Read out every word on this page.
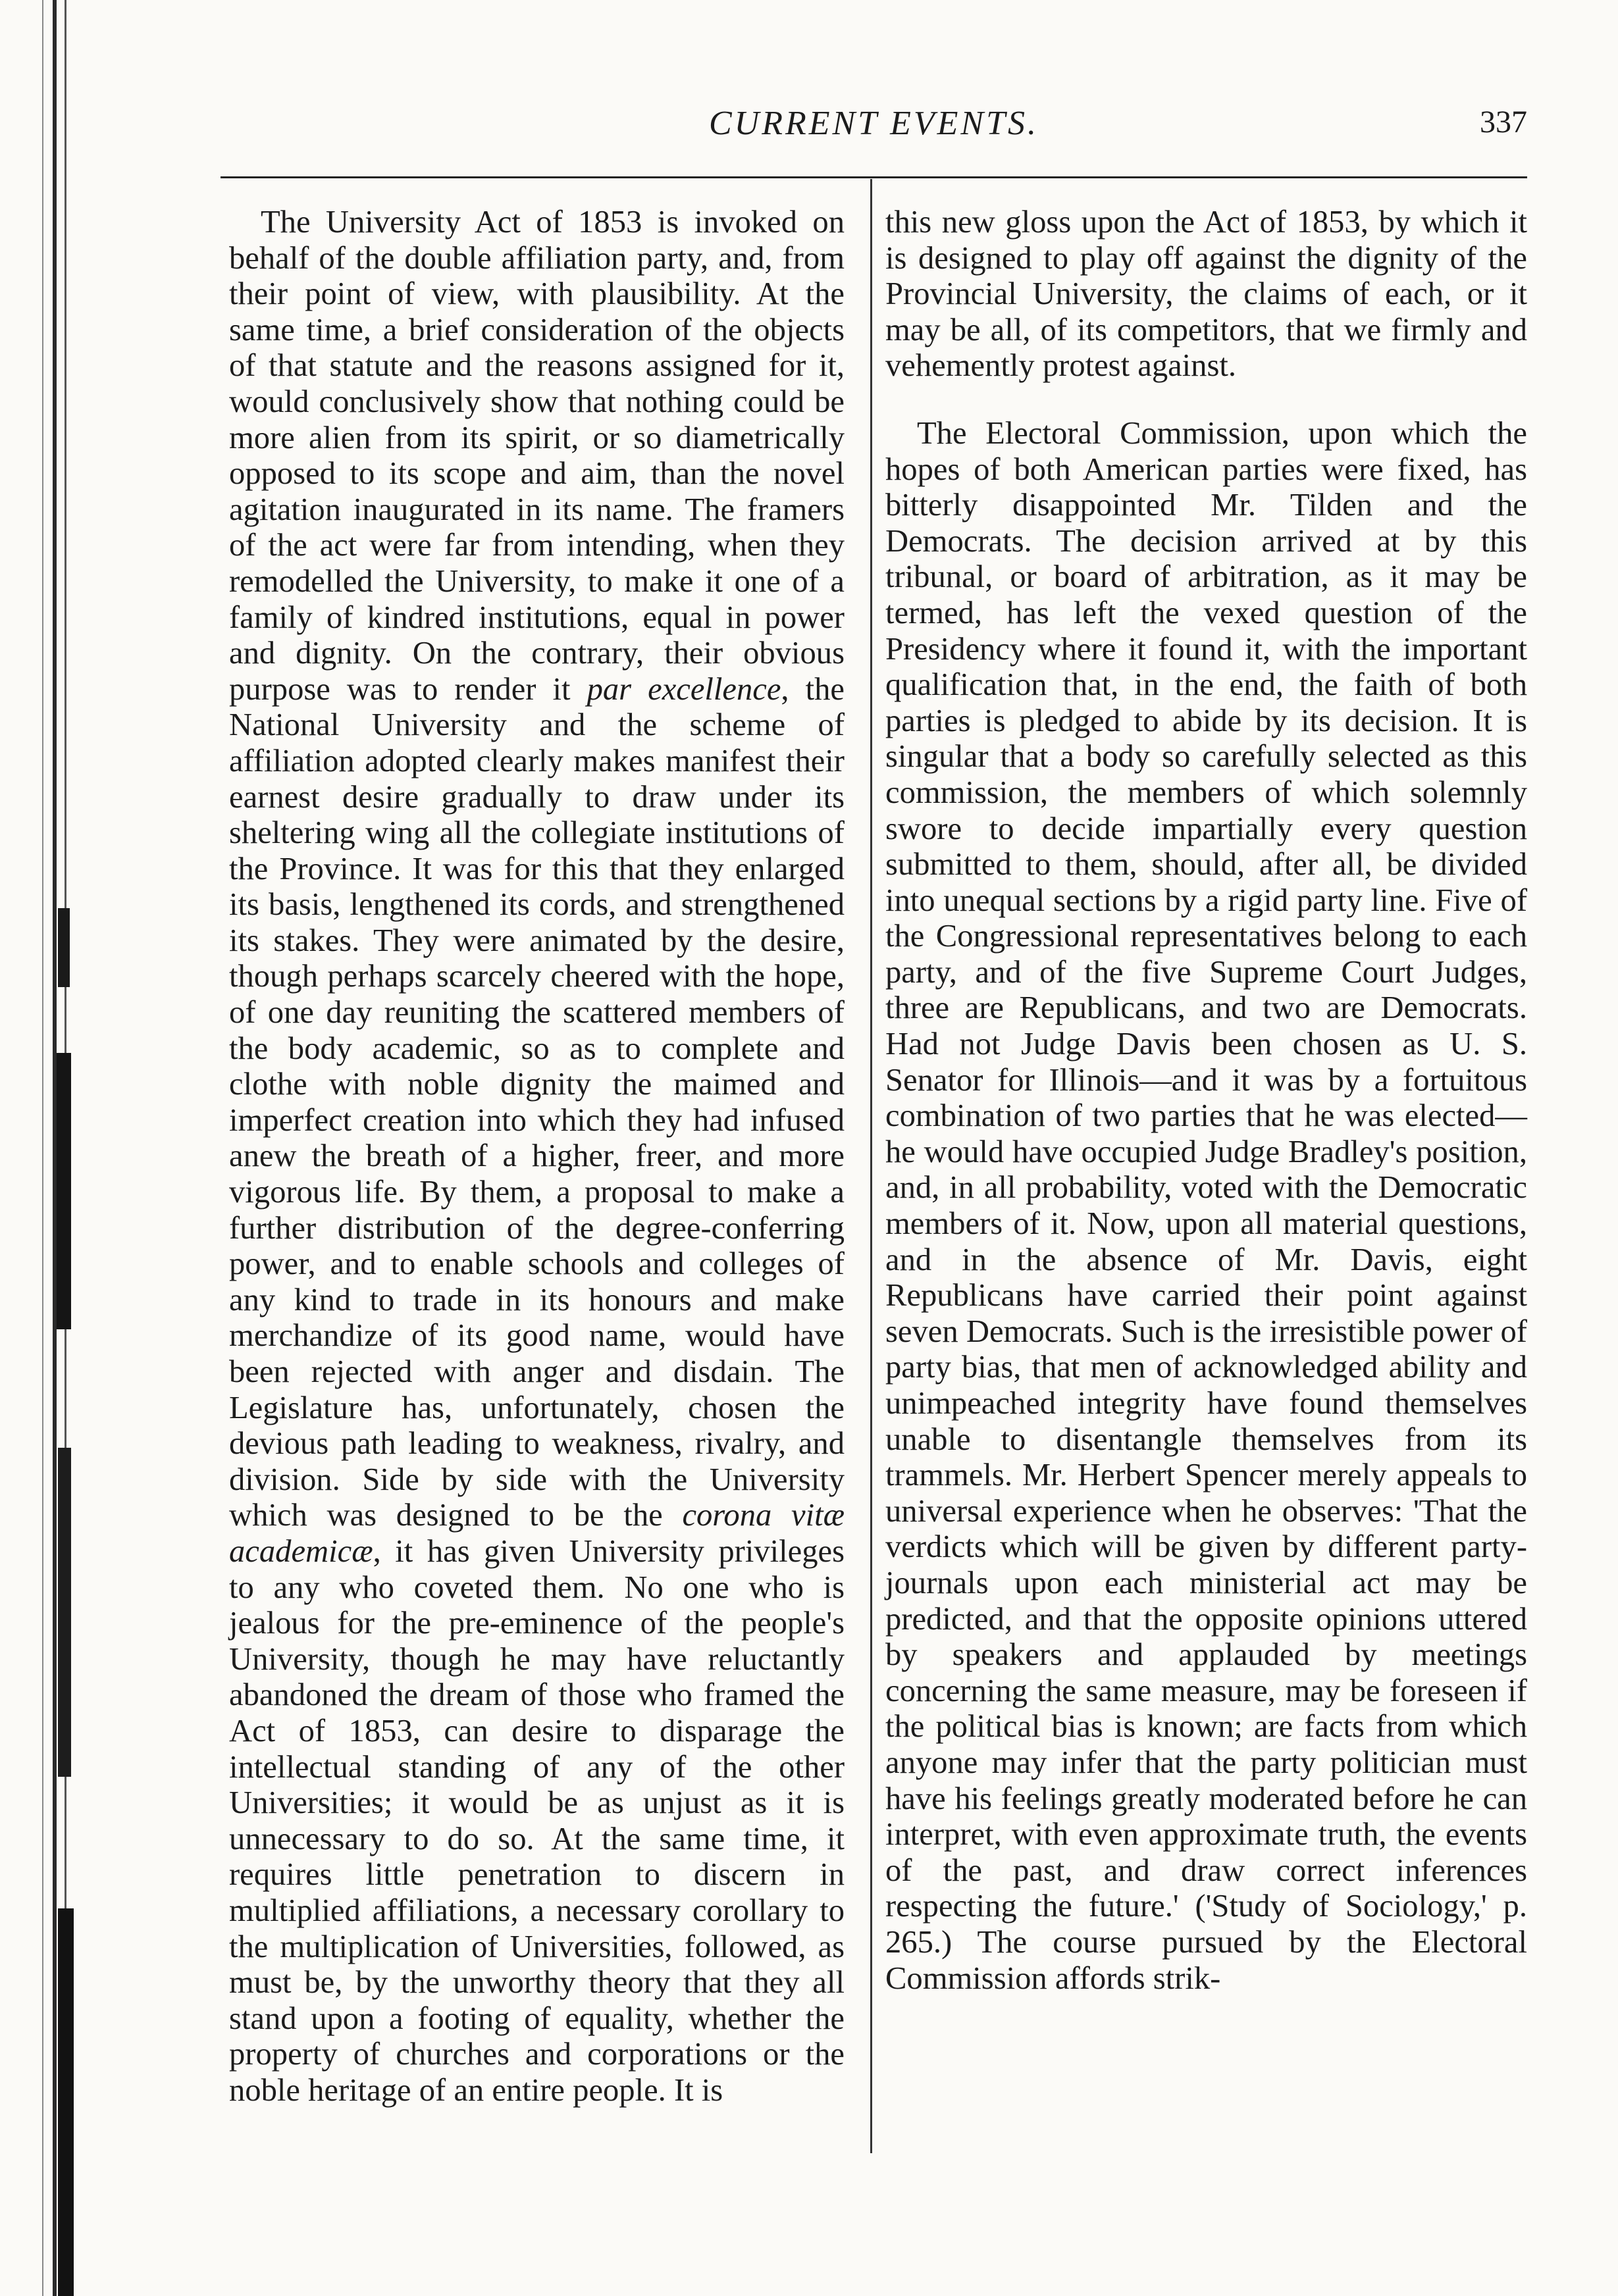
CURRENT EVENTS.	337

The University Act of 1853 is invoked on behalf of the double affiliation party, and, from their point of view, with plausibility. At the same time, a brief consideration of the objects of that statute and the reasons assigned for it, would conclusively show that nothing could be more alien from its spirit, or so diametrically opposed to its scope and aim, than the novel agitation inaugurated in its name. The framers of the act were far from intending, when they remodelled the University, to make it one of a family of kindred institutions, equal in power and dignity. On the contrary, their obvious purpose was to render it par excellence, the National University and the scheme of affiliation adopted clearly makes manifest their earnest desire gradually to draw under its sheltering wing all the collegiate institutions of the Province. It was for this that they enlarged its basis, lengthened its cords, and strengthened its stakes. They were animated by the desire, though perhaps scarcely cheered with the hope, of one day reuniting the scattered members of the body academic, so as to complete and clothe with noble dignity the maimed and imperfect creation into which they had infused anew the breath of a higher, freer, and more vigorous life. By them, a proposal to make a further distribution of the degree-conferring power, and to enable schools and colleges of any kind to trade in its honours and make merchandize of its good name, would have been rejected with anger and disdain. The Legislature has, unfortunately, chosen the devious path leading to weakness, rivalry, and division. Side by side with the University which was designed to be the corona vitæ academicæ, it has given University privileges to any who coveted them. No one who is jealous for the pre-eminence of the people's University, though he may have reluctantly abandoned the dream of those who framed the Act of 1853, can desire to disparage the intellectual standing of any of the other Universities; it would be as unjust as it is unnecessary to do so. At the same time, it requires little penetration to discern in multiplied affiliations, a necessary corollary to the multiplication of Universities, followed, as must be, by the unworthy theory that they all stand upon a footing of equality, whether the property of churches and corporations or the noble heritage of an entire people. It is

this new gloss upon the Act of 1853, by which it is designed to play off against the dignity of the Provincial University, the claims of each, or it may be all, of its competitors, that we firmly and vehemently protest against.

The Electoral Commission, upon which the hopes of both American parties were fixed, has bitterly disappointed Mr. Tilden and the Democrats. The decision arrived at by this tribunal, or board of arbitration, as it may be termed, has left the vexed question of the Presidency where it found it, with the important qualification that, in the end, the faith of both parties is pledged to abide by its decision. It is singular that a body so carefully selected as this commission, the members of which solemnly swore to decide impartially every question submitted to them, should, after all, be divided into unequal sections by a rigid party line. Five of the Congressional representatives belong to each party, and of the five Supreme Court Judges, three are Republicans, and two are Democrats. Had not Judge Davis been chosen as U. S. Senator for Illinois—and it was by a fortuitous combination of two parties that he was elected—he would have occupied Judge Bradley's position, and, in all probability, voted with the Democratic members of it. Now, upon all material questions, and in the absence of Mr. Davis, eight Republicans have carried their point against seven Democrats. Such is the irresistible power of party bias, that men of acknowledged ability and unimpeached integrity have found themselves unable to disentangle themselves from its trammels. Mr. Herbert Spencer merely appeals to universal experience when he observes: 'That the verdicts which will be given by different party-journals upon each ministerial act may be predicted, and that the opposite opinions uttered by speakers and applauded by meetings concerning the same measure, may be foreseen if the political bias is known; are facts from which anyone may infer that the party politician must have his feelings greatly moderated before he can interpret, with even approximate truth, the events of the past, and draw correct inferences respecting the future.' ('Study of Sociology,' p. 265.) The course pursued by the Electoral Commission affords strik-
